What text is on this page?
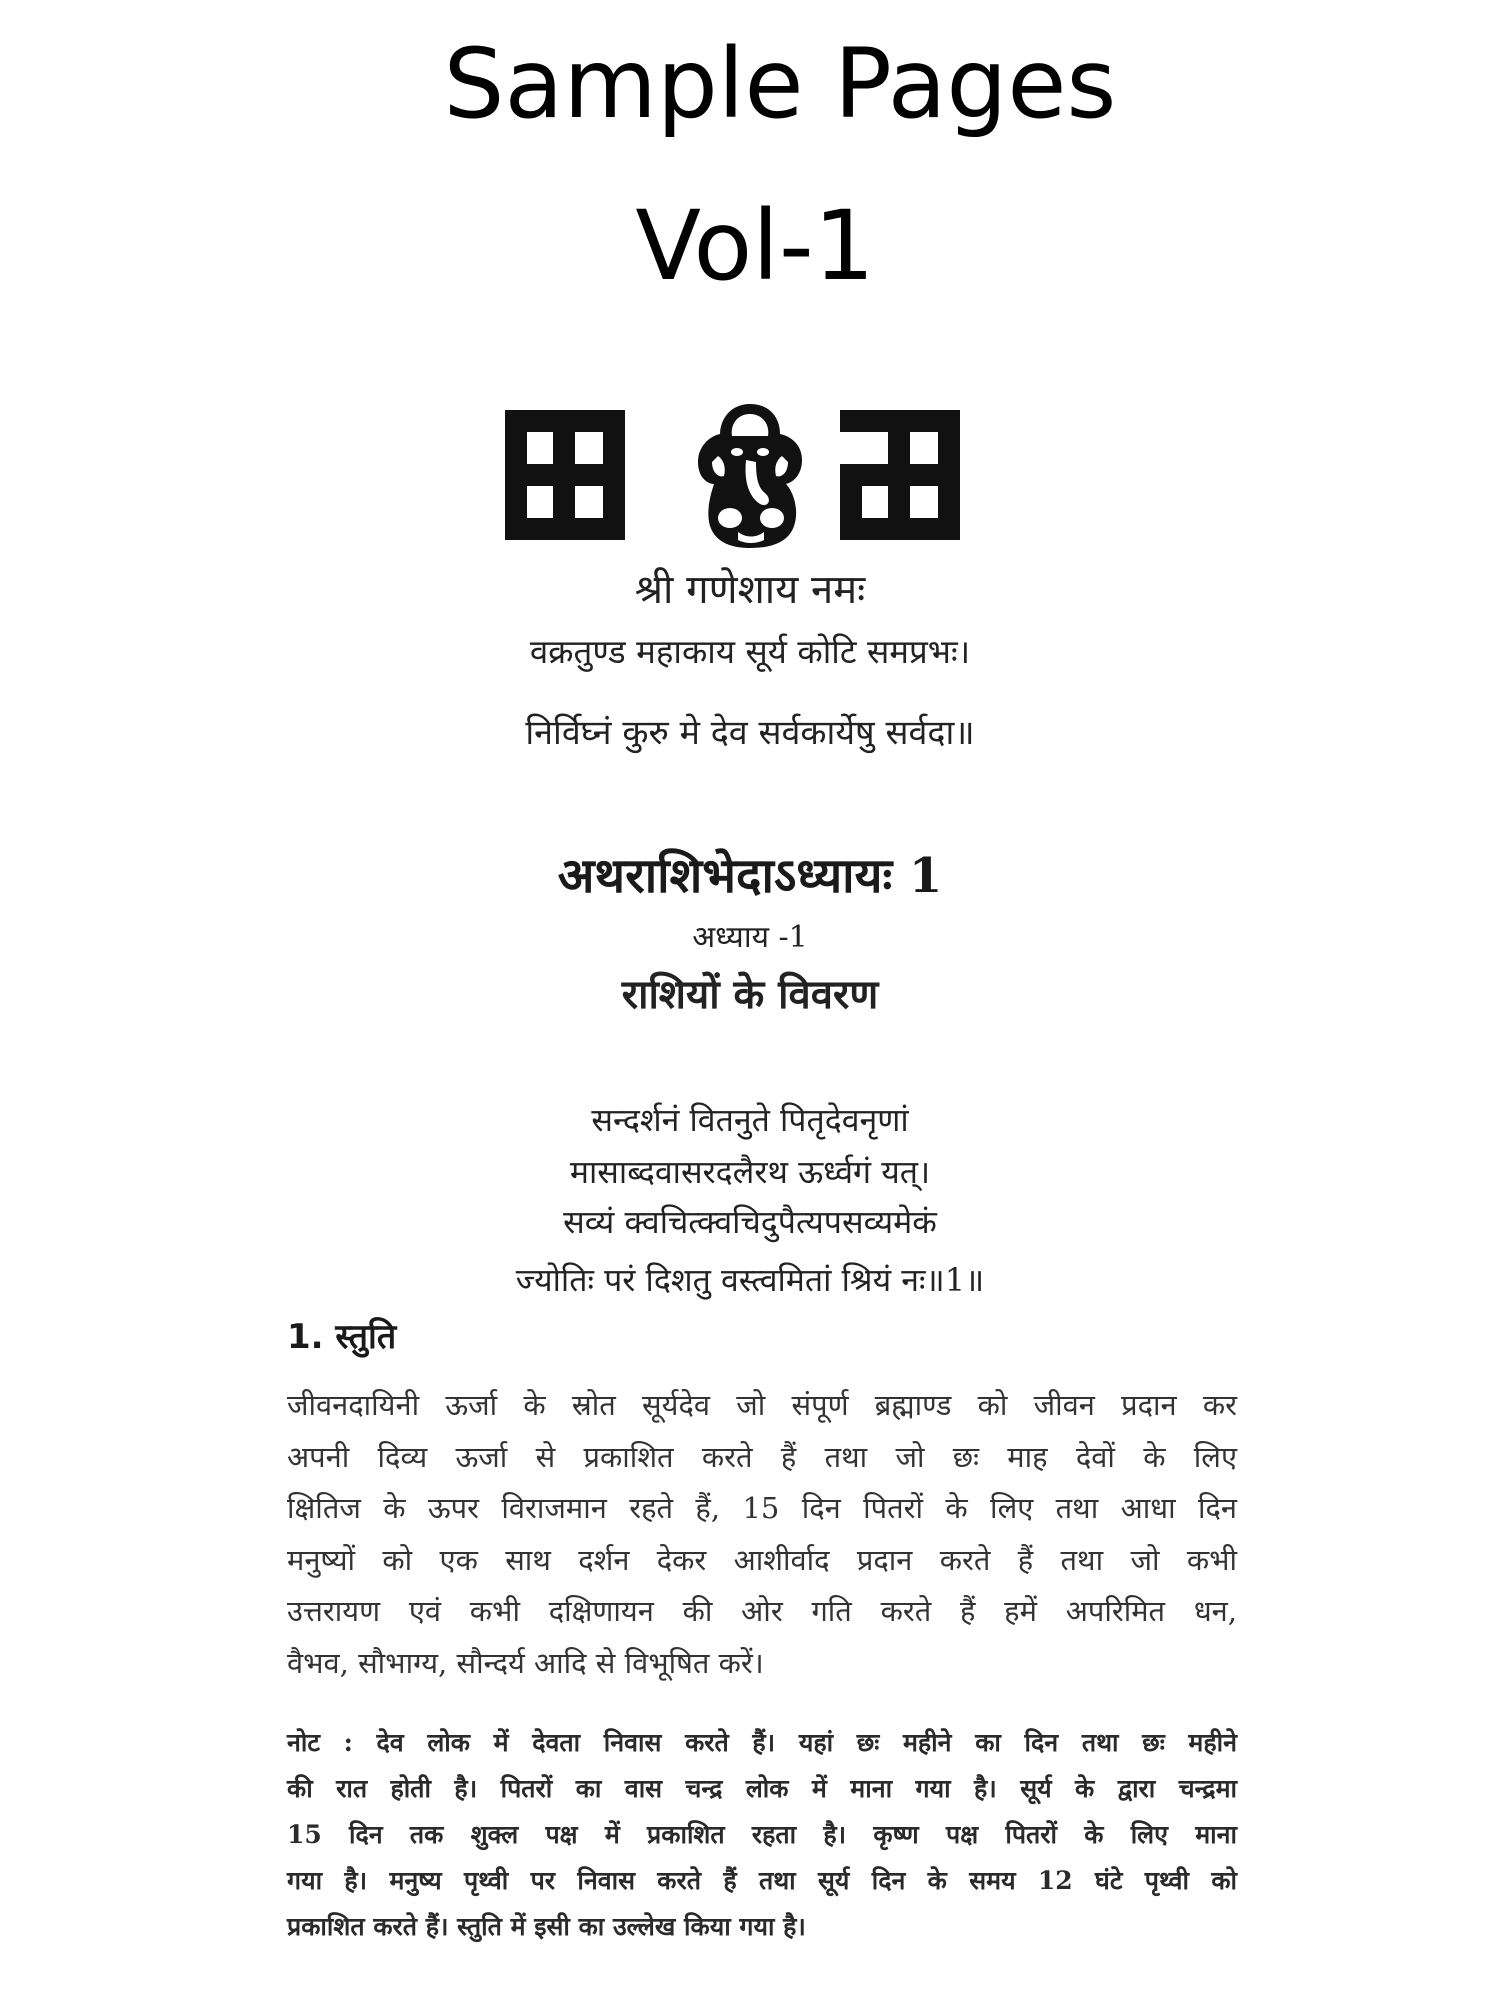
Sample Pages
Vol-1
श्री गणेशाय नमः
वक्रतुण्ड महाकाय सूर्य कोटि समप्रभः।
निर्विघ्नं कुरु मे देव सर्वकार्येषु सर्वदा॥
अथराशिभेदाऽध्यायः 1
अध्याय -1
राशियों के विवरण
सन्दर्शनं वितनुते पितृदेवनृणां
मासाब्दवासरदलैरथ ऊर्ध्वगं यत्।
सव्यं क्वचित्क्वचिदुपैत्यपसव्यमेकं
ज्योतिः परं दिशतु वस्त्वमितां श्रियं नः॥1॥
1. स्तुति
जीवनदायिनी ऊर्जा के स्रोत सूर्यदेव जो संपूर्ण ब्रह्माण्ड को जीवन प्रदान कर
अपनी दिव्य ऊर्जा से प्रकाशित करते हैं तथा जो छः माह देवों के लिए
क्षितिज के ऊपर विराजमान रहते हैं, 15 दिन पितरों के लिए तथा आधा दिन
मनुष्यों को एक साथ दर्शन देकर आशीर्वाद प्रदान करते हैं तथा जो कभी
उत्तरायण एवं कभी दक्षिणायन की ओर गति करते हैं हमें अपरिमित धन,
वैभव, सौभाग्य, सौन्दर्य आदि से विभूषित करें।
नोट : देव लोक में देवता निवास करते हैं। यहां छः महीने का दिन तथा छः महीने
की रात होती है। पितरों का वास चन्द्र लोक में माना गया है। सूर्य के द्वारा चन्द्रमा
15 दिन तक शुक्ल पक्ष में प्रकाशित रहता है। कृष्ण पक्ष पितरों के लिए माना
गया है। मनुष्य पृथ्वी पर निवास करते हैं तथा सूर्य दिन के समय 12 घंटे पृथ्वी को
प्रकाशित करते हैं। स्तुति में इसी का उल्लेख किया गया है।
